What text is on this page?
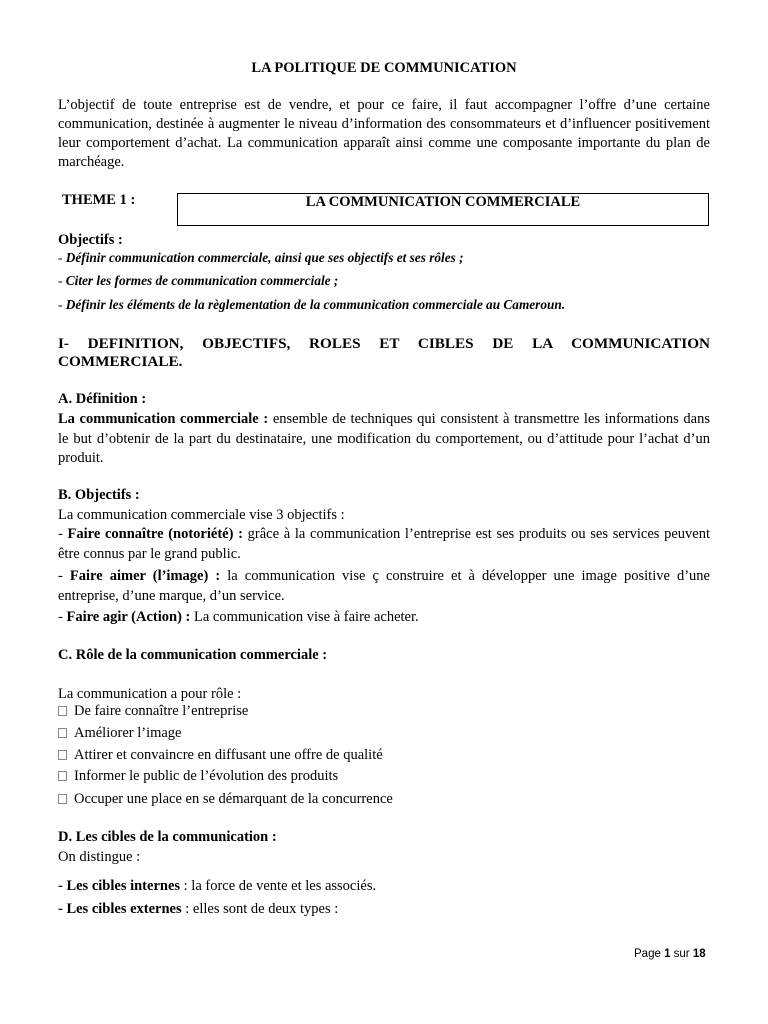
LA POLITIQUE DE COMMUNICATION
L’objectif de toute entreprise est de vendre, et pour ce faire, il faut accompagner l’offre d’une certaine communication, destinée à augmenter le niveau d’information des consommateurs et d’influencer positivement leur comportement d’achat. La communication apparaît ainsi comme une composante importante du plan de marchéage.
THEME 1 :	LA COMMUNICATION COMMERCIALE
Objectifs :
- Définir communication commerciale, ainsi que ses objectifs et ses rôles ;
- Citer les formes de communication commerciale ;
- Définir les éléments de la règlementation de la communication commerciale au Cameroun.
I- DEFINITION, OBJECTIFS, ROLES ET CIBLES DE LA COMMUNICATION
COMMERCIALE.
A. Définition :
La communication commerciale : ensemble de techniques qui consistent à transmettre les informations dans le but d’obtenir de la part du destinataire, une modification du comportement, ou d’attitude pour l’achat d’un produit.
B. Objectifs :
La communication commerciale vise 3 objectifs :
- Faire connaître (notoriété) : grâce à la communication l’entreprise est ses produits ou ses services peuvent être connus par le grand public.
- Faire aimer (l’image) : la communication vise ç construire et à développer une image positive d’une entreprise, d’une marque, d’un service.
- Faire agir (Action) : La communication vise à faire acheter.
C. Rôle de la communication commerciale :
La communication a pour rôle :
De faire connaître l’entreprise
Améliorer l’image
Attirer et convaincre en diffusant une offre de qualité
Informer le public de l’évolution des produits
Occuper une place en se démarquant de la concurrence
D. Les cibles de la communication :
On distingue :
- Les cibles internes : la force de vente et les associés.
- Les cibles externes : elles sont de deux types :
Page 1 sur 18
